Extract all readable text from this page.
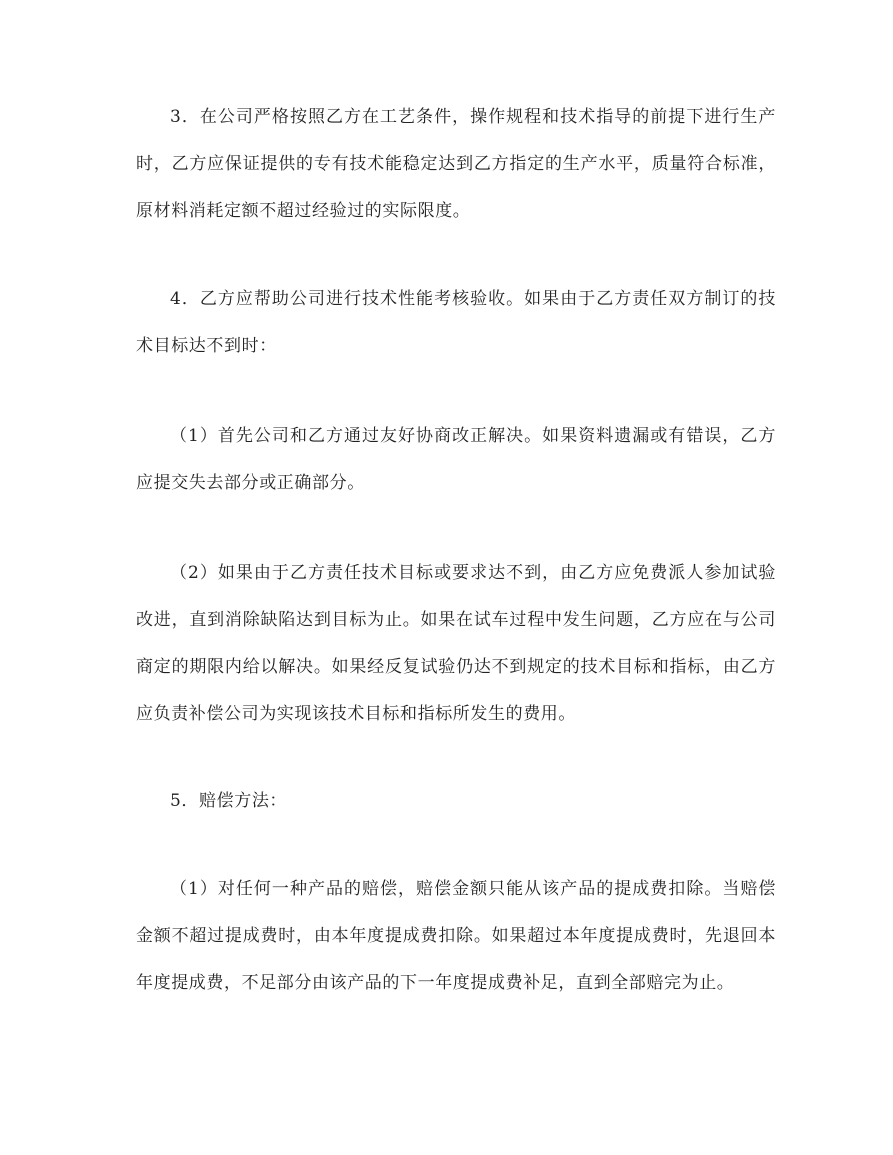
3．在公司严格按照乙方在工艺条件，操作规程和技术指导的前提下进行生产时，乙方应保证提供的专有技术能稳定达到乙方指定的生产水平，质量符合标准，原材料消耗定额不超过经验过的实际限度。

4．乙方应帮助公司进行技术性能考核验收。如果由于乙方责任双方制订的技术目标达不到时：

（1）首先公司和乙方通过友好协商改正解决。如果资料遗漏或有错误，乙方应提交失去部分或正确部分。

（2）如果由于乙方责任技术目标或要求达不到，由乙方应免费派人参加试验改进，直到消除缺陷达到目标为止。如果在试车过程中发生问题，乙方应在与公司商定的期限内给以解决。如果经反复试验仍达不到规定的技术目标和指标，由乙方应负责补偿公司为实现该技术目标和指标所发生的费用。

5．赔偿方法：

（1）对任何一种产品的赔偿，赔偿金额只能从该产品的提成费扣除。当赔偿金额不超过提成费时，由本年度提成费扣除。如果超过本年度提成费时，先退回本年度提成费，不足部分由该产品的下一年度提成费补足，直到全部赔完为止。
